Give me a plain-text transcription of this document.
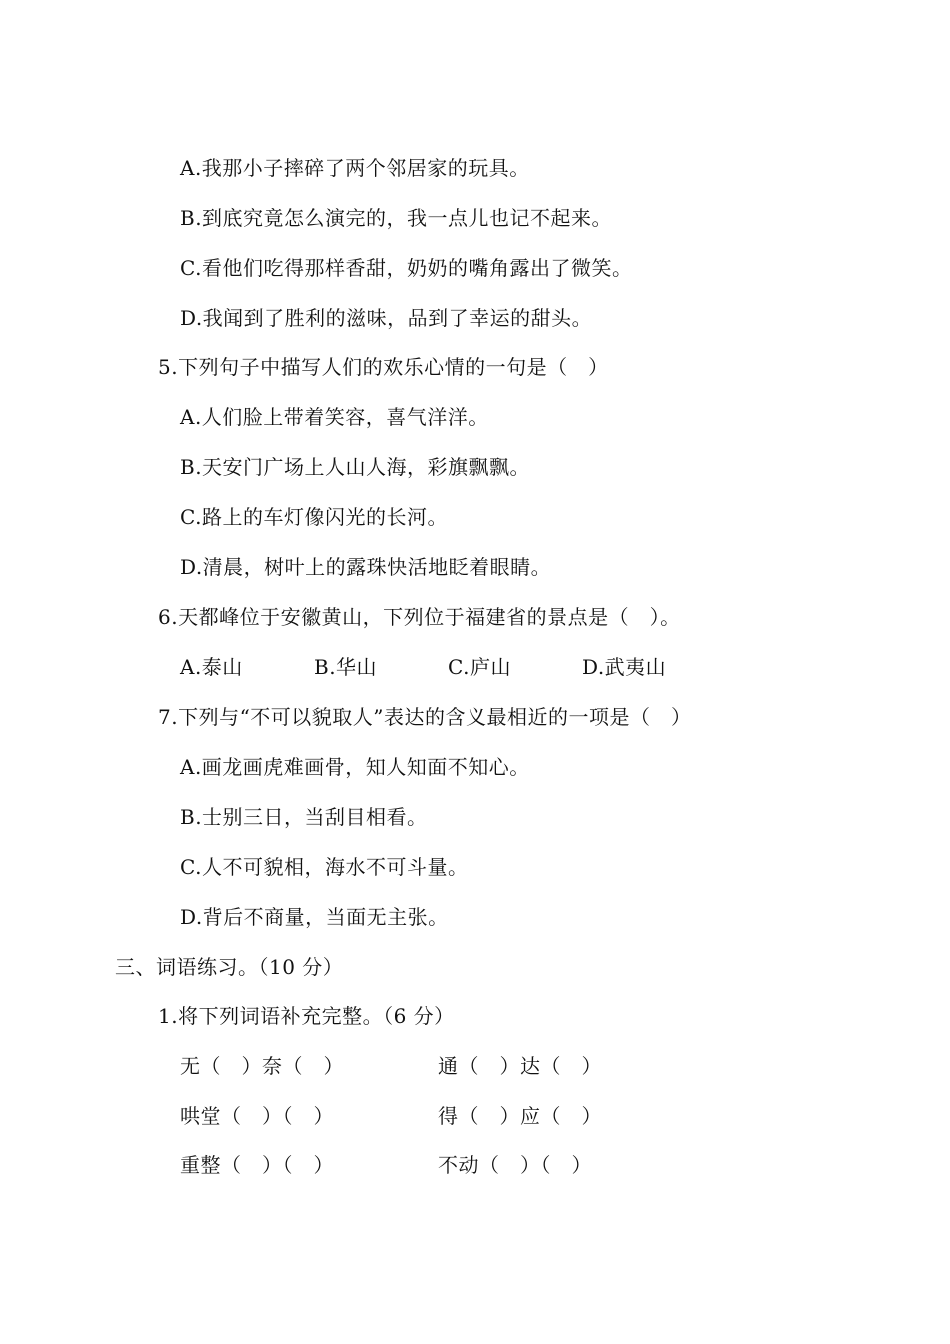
A.我那小子摔碎了两个邻居家的玩具。
B.到底究竟怎么演完的，我一点儿也记不起来。
C.看他们吃得那样香甜，奶奶的嘴角露出了微笑。
D.我闻到了胜利的滋味，品到了幸运的甜头。
5.下列句子中描写人们的欢乐心情的一句是（　）
A.人们脸上带着笑容，喜气洋洋。
B.天安门广场上人山人海，彩旗飘飘。
C.路上的车灯像闪光的长河。
D.清晨，树叶上的露珠快活地眨着眼睛。
6.天都峰位于安徽黄山，下列位于福建省的景点是（　）。
A.泰山	B.华山	C.庐山	D.武夷山
7.下列与“不可以貌取人”表达的含义最相近的一项是（　）
A.画龙画虎难画骨，知人知面不知心。
B.士别三日，当刮目相看。
C.人不可貌相，海水不可斗量。
D.背后不商量，当面无主张。
三、词语练习。（10 分）
1.将下列词语补充完整。（6 分）
无（　）奈（　）	通（　）达（　）
哄堂（　）（　）	得（　）应（　）
重整（　）（　）	不动（　）（　）
